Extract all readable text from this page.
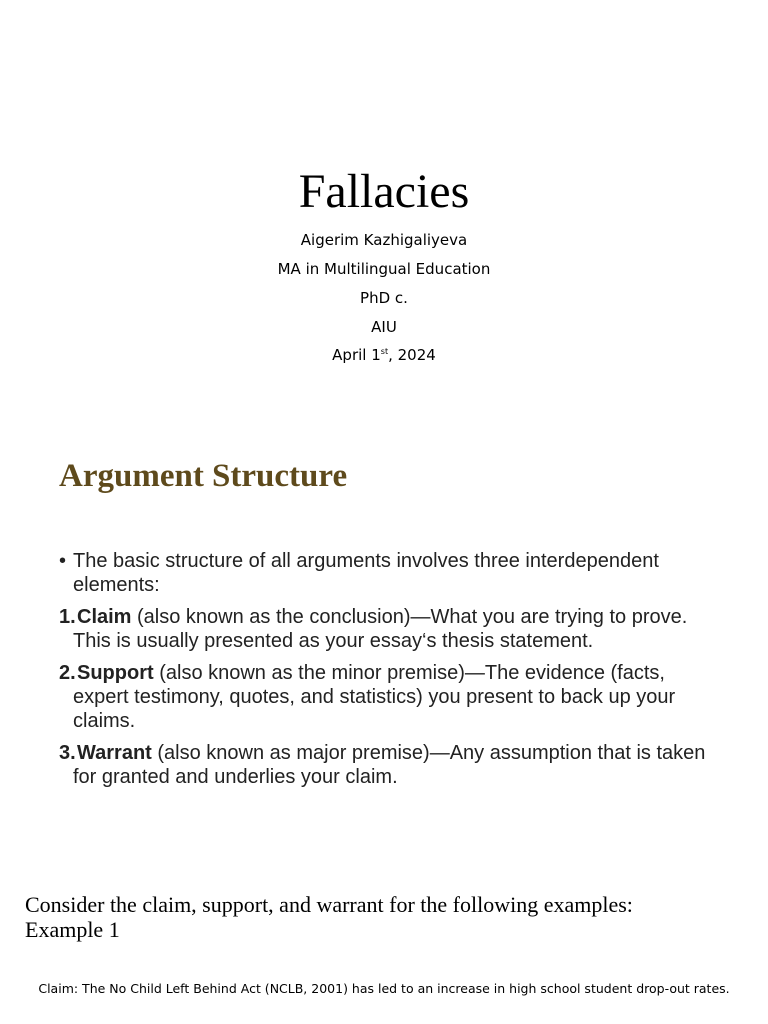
Fallacies
Aigerim Kazhigaliyeva
MA in Multilingual Education
PhD c.
AIU
April 1st, 2024
Argument Structure
• The basic structure of all arguments involves three interdependent elements:
1. Claim (also known as the conclusion)—What you are trying to prove. This is usually presented as your essay‘s thesis statement.
2. Support (also known as the minor premise)—The evidence (facts, expert testimony, quotes, and statistics) you present to back up your claims.
3. Warrant (also known as major premise)—Any assumption that is taken for granted and underlies your claim.
Consider the claim, support, and warrant for the following examples:
Example 1
Claim: The No Child Left Behind Act (NCLB, 2001) has led to an increase in high school student drop-out rates.
